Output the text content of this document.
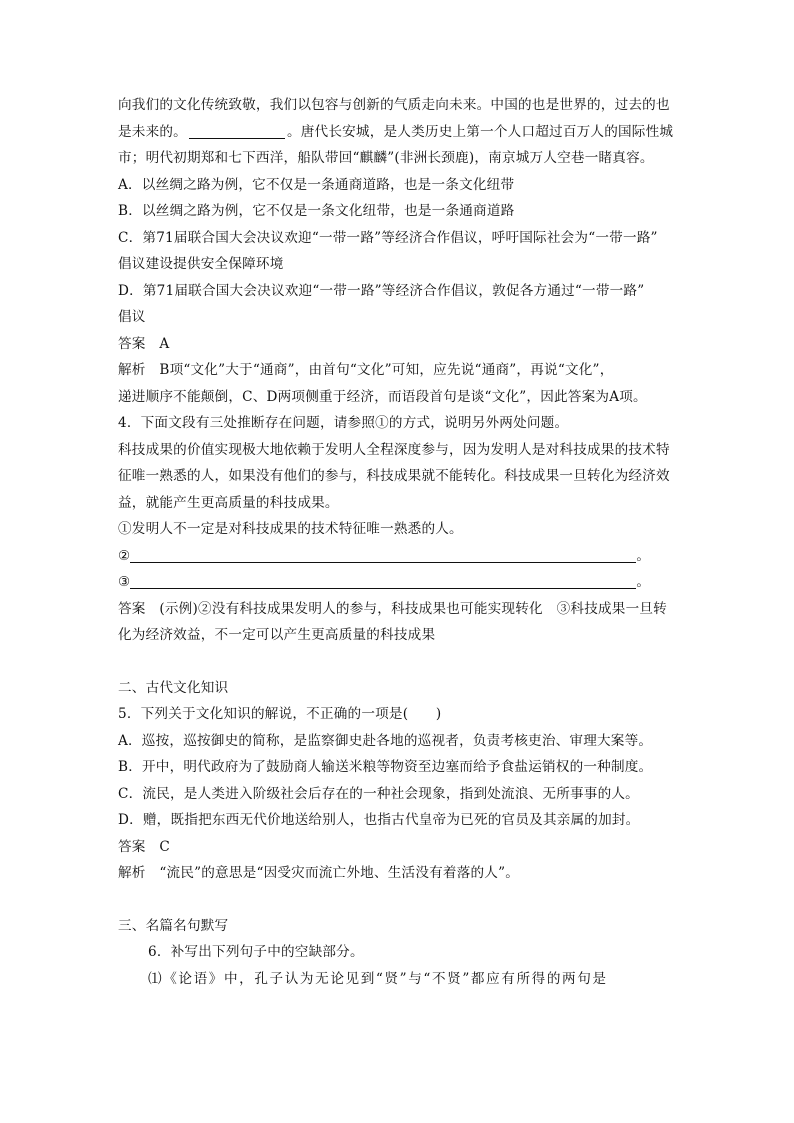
向我们的文化传统致敬，我们以包容与创新的气质走向未来。中国的也是世界的，过去的也
是未来的。	。唐代长安城，是人类历史上第一个人口超过百万人的国际性城
市；明代初期郑和七下西洋，船队带回“麒麟”(非洲长颈鹿)，南京城万人空巷一睹真容。
A．以丝绸之路为例，它不仅是一条通商道路，也是一条文化纽带
B．以丝绸之路为例，它不仅是一条文化纽带，也是一条通商道路
C．第71届联合国大会决议欢迎“一带一路”等经济合作倡议，呼吁国际社会为“一带一路”
倡议建设提供安全保障环境
D．第71届联合国大会决议欢迎“一带一路”等经济合作倡议，敦促各方通过“一带一路”
倡议
答案　A
解析　B项“文化”大于“通商”，由首句“文化”可知，应先说“通商”，再说“文化”，
递进顺序不能颠倒，C、D两项侧重于经济，而语段首句是谈“文化”，因此答案为A项。
4．下面文段有三处推断存在问题，请参照①的方式，说明另外两处问题。
科技成果的价值实现极大地依赖于发明人全程深度参与，因为发明人是对科技成果的技术特
征唯一熟悉的人，如果没有他们的参与，科技成果就不能转化。科技成果一旦转化为经济效
益，就能产生更高质量的科技成果。
①发明人不一定是对科技成果的技术特征唯一熟悉的人。
②	。
③	。
答案　(示例)②没有科技成果发明人的参与，科技成果也可能实现转化　③科技成果一旦转
化为经济效益，不一定可以产生更高质量的科技成果
二、古代文化知识
5．下列关于文化知识的解说，不正确的一项是(　　)
A．巡按，巡按御史的简称，是监察御史赴各地的巡视者，负责考核吏治、审理大案等。
B．开中，明代政府为了鼓励商人输送米粮等物资至边塞而给予食盐运销权的一种制度。
C．流民，是人类进入阶级社会后存在的一种社会现象，指到处流浪、无所事事的人。
D．赠，既指把东西无代价地送给别人，也指古代皇帝为已死的官员及其亲属的加封。
答案　C
解析　“流民”的意思是“因受灾而流亡外地、生活没有着落的人”。
三、名篇名句默写
6．补写出下列句子中的空缺部分。
⑴《论语》中，孔子认为无论见到“贤”与“不贤”都应有所得的两句是
